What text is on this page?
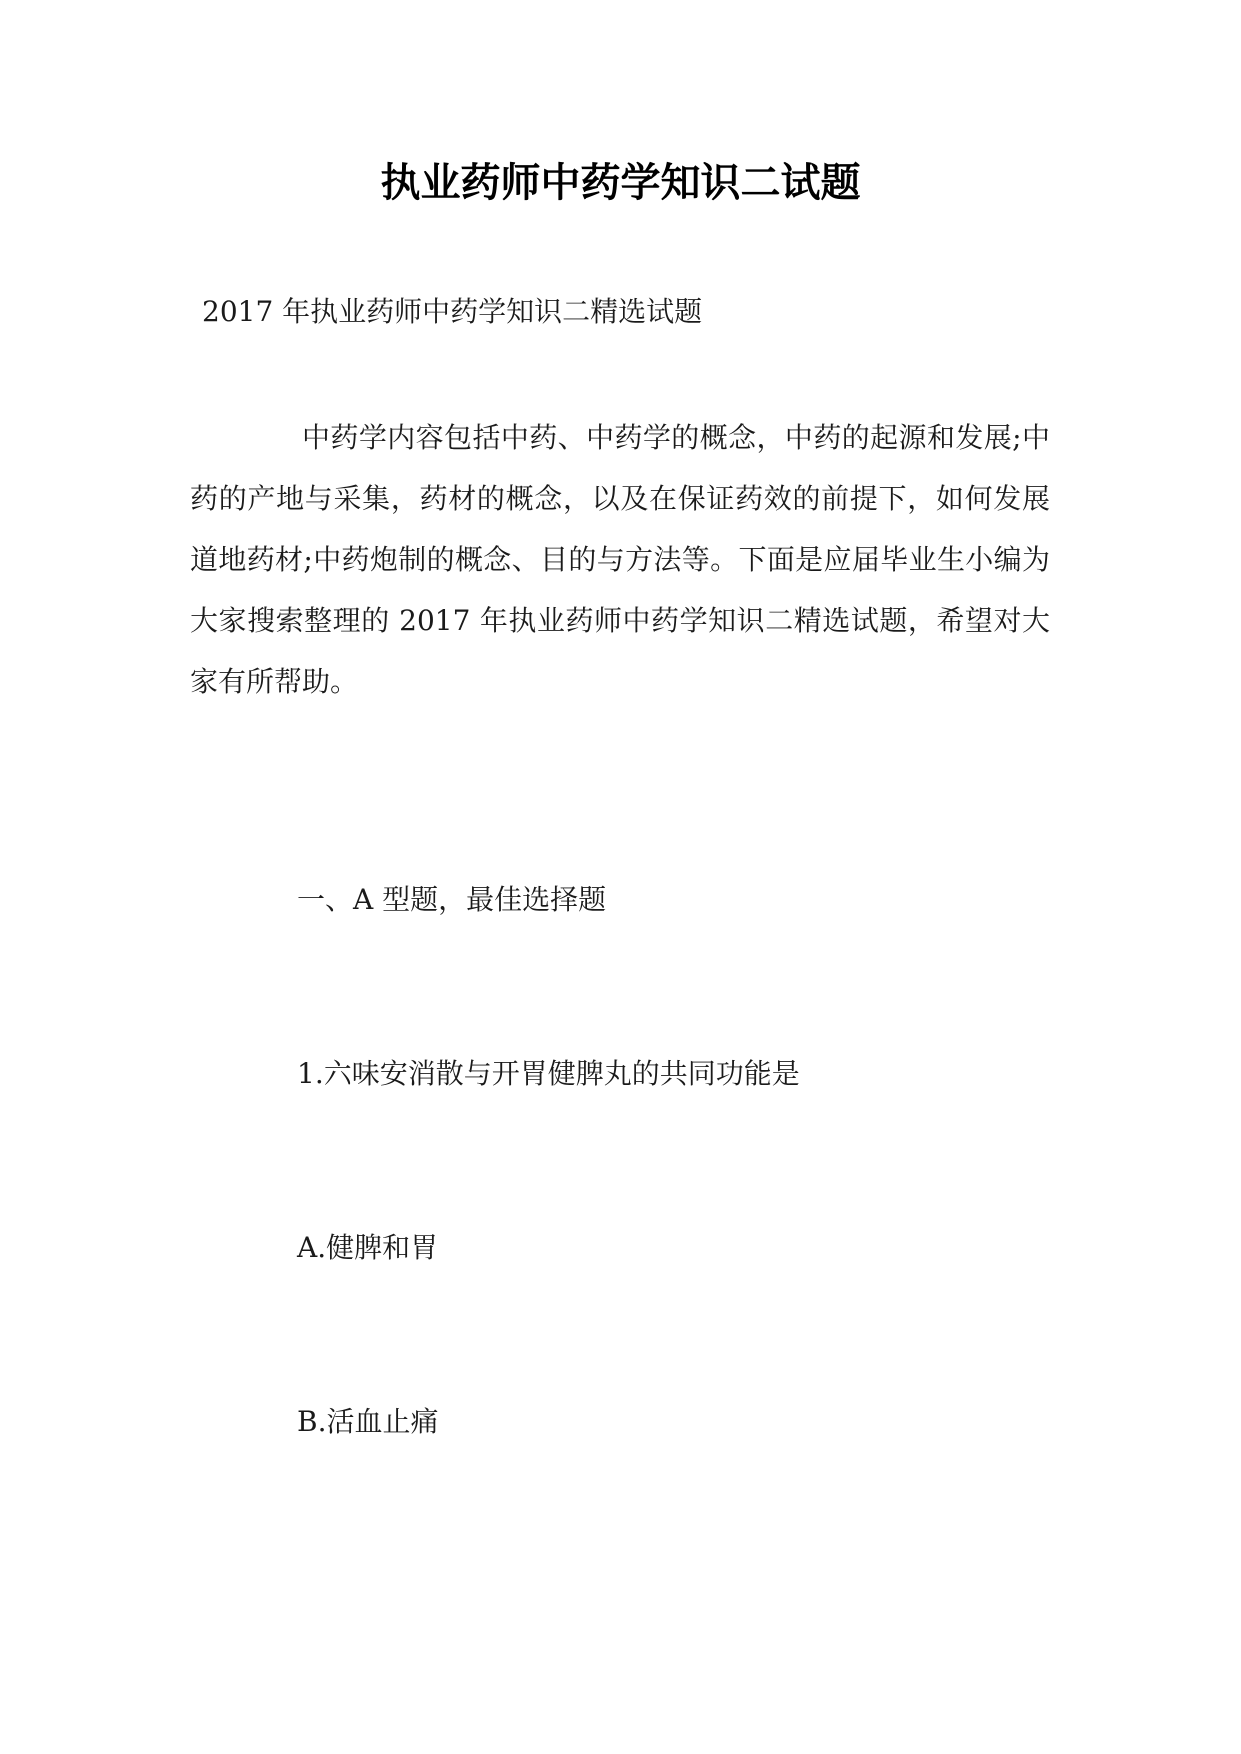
执业药师中药学知识二试题

2017 年执业药师中药学知识二精选试题

中药学内容包括中药、中药学的概念，中药的起源和发展;中药的产地与采集，药材的概念，以及在保证药效的前提下，如何发展道地药材;中药炮制的概念、目的与方法等。下面是应届毕业生小编为大家搜索整理的 2017 年执业药师中药学知识二精选试题，希望对大家有所帮助。

一、A 型题，最佳选择题

1.六味安消散与开胃健脾丸的共同功能是

A.健脾和胃

B.活血止痛
